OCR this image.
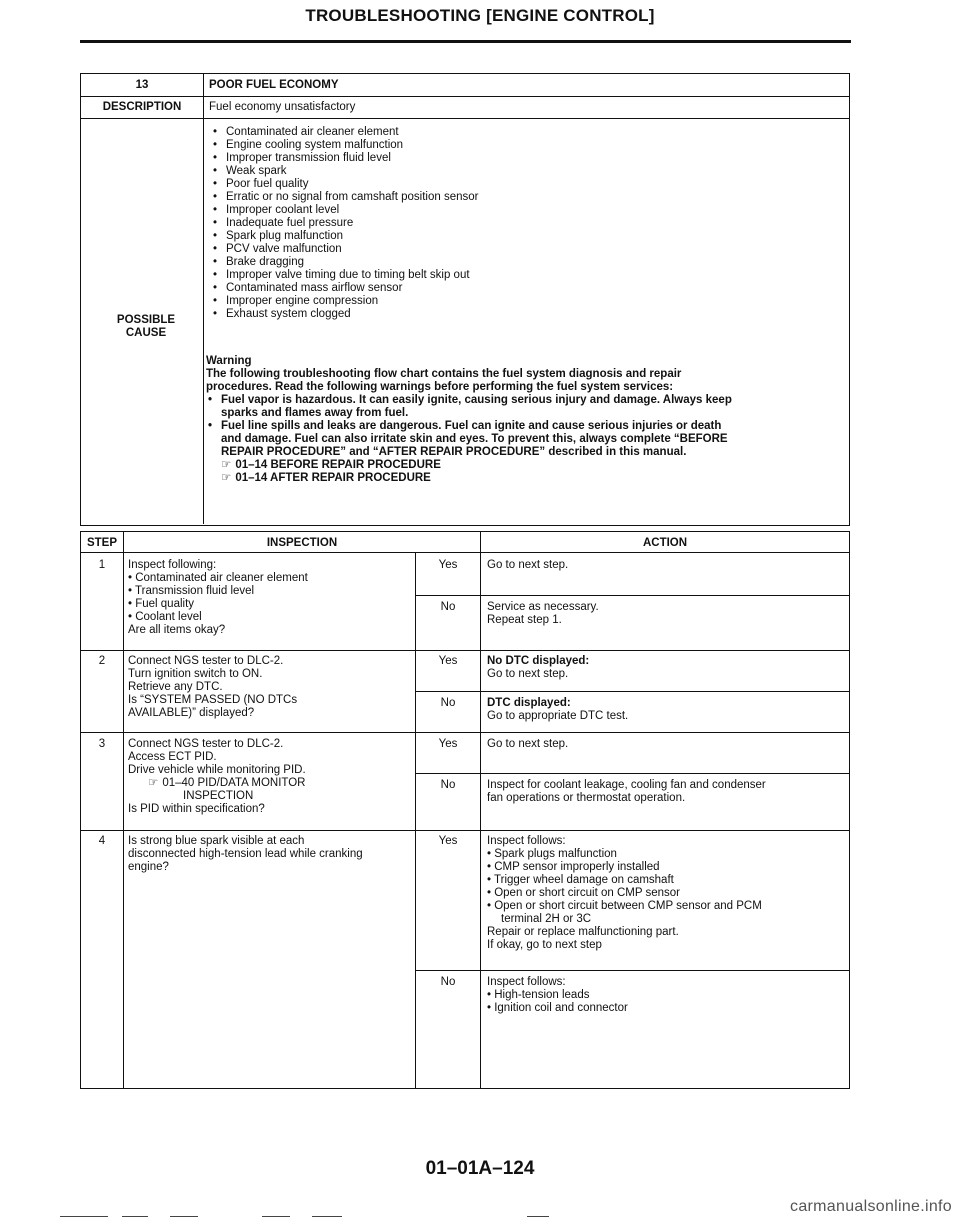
TROUBLESHOOTING [ENGINE CONTROL]
13	POOR FUEL ECONOMY
DESCRIPTION	Fuel economy unsatisfactory
POSSIBLE
CAUSE
• Contaminated air cleaner element
• Engine cooling system malfunction
• Improper transmission fluid level
• Weak spark
• Poor fuel quality
• Erratic or no signal from camshaft position sensor
• Improper coolant level
• Inadequate fuel pressure
• Spark plug malfunction
• PCV valve malfunction
• Brake dragging
• Improper valve timing due to timing belt skip out
• Contaminated mass airflow sensor
• Improper engine compression
• Exhaust system clogged
Warning
The following troubleshooting flow chart contains the fuel system diagnosis and repair
procedures. Read the following warnings before performing the fuel system services:
• Fuel vapor is hazardous. It can easily ignite, causing serious injury and damage. Always keep
sparks and flames away from fuel.
• Fuel line spills and leaks are dangerous. Fuel can ignite and cause serious injuries or death
and damage. Fuel can also irritate skin and eyes. To prevent this, always complete “BEFORE
REPAIR PROCEDURE” and “AFTER REPAIR PROCEDURE” described in this manual.
☞ 01–14 BEFORE REPAIR PROCEDURE
☞ 01–14 AFTER REPAIR PROCEDURE
STEP	INSPECTION	ACTION
1	Inspect following:
• Contaminated air cleaner element
• Transmission fluid level
• Fuel quality
• Coolant level
Are all items okay?
Yes	Go to next step.
No	Service as necessary.
Repeat step 1.
2	Connect NGS tester to DLC-2.
Turn ignition switch to ON.
Retrieve any DTC.
Is “SYSTEM PASSED (NO DTCs
AVAILABLE)” displayed?
Yes	No DTC displayed:
Go to next step.
No	DTC displayed:
Go to appropriate DTC test.
3	Connect NGS tester to DLC-2.
Access ECT PID.
Drive vehicle while monitoring PID.
☞ 01–40 PID/DATA MONITOR
INSPECTION
Is PID within specification?
Yes	Go to next step.
No	Inspect for coolant leakage, cooling fan and condenser
fan operations or thermostat operation.
4	Is strong blue spark visible at each
disconnected high-tension lead while cranking
engine?
Yes	Inspect follows:
• Spark plugs malfunction
• CMP sensor improperly installed
• Trigger wheel damage on camshaft
• Open or short circuit on CMP sensor
• Open or short circuit between CMP sensor and PCM
terminal 2H or 3C
Repair or replace malfunctioning part.
If okay, go to next step
No	Inspect follows:
• High-tension leads
• Ignition coil and connector
01–01A–124
carmanualsonline.info
